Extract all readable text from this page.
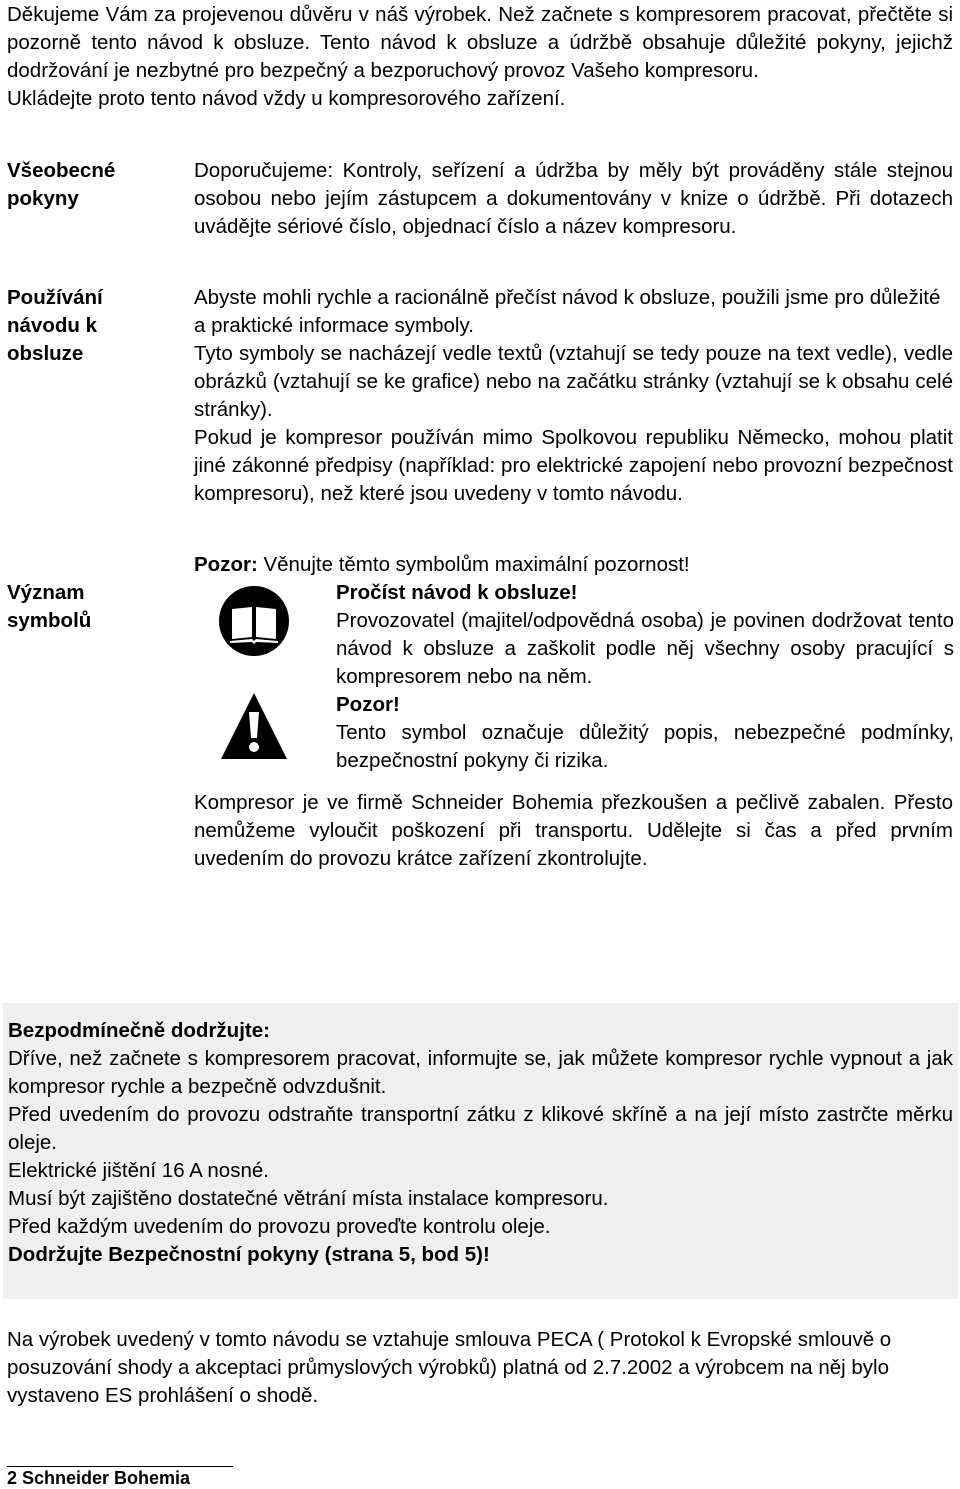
Děkujeme Vám za projevenou důvěru v náš výrobek. Než začnete s kompresorem pracovat, přečtěte si pozorně tento návod k obsluze. Tento návod k obsluze a údržbě obsahuje důležité pokyny, jejichž dodržování je nezbytné pro bezpečný a bezporuchový provoz Vašeho kompresoru.

Ukládejte proto tento návod vždy u kompresorového zařízení.

Všeobecné
pokyny

Doporučujeme: Kontroly, seřízení a údržba by měly být prováděny stále stejnou osobou nebo jejím zástupcem a dokumentovány v knize o údržbě. Při dotazech uvádějte sériové číslo, objednací číslo a název kompresoru.

Používání
návodu k
obsluze

Abyste mohli rychle a racionálně přečíst návod k obsluze, použili jsme pro důležité a praktické informace symboly.

Tyto symboly se nacházejí vedle textů (vztahují se tedy pouze na text vedle), vedle obrázků (vztahují se ke grafice) nebo na začátku stránky (vztahují se k obsahu celé stránky).

Pokud je kompresor používán mimo Spolkovou republiku Německo, mohou platit jiné zákonné předpisy (například: pro elektrické zapojení nebo provozní bezpečnost kompresoru), než které jsou uvedeny v tomto návodu.

Pozor: Věnujte těmto symbolům maximální pozornost!

Význam
symbolů

Pročíst návod k obsluze!

Provozovatel (majitel/odpovědná osoba) je povinen dodržovat tento návod k obsluze a zaškolit podle něj všechny osoby pracující s kompresorem nebo na něm.

Pozor!

Tento symbol označuje důležitý popis, nebezpečné podmínky, bezpečnostní pokyny či rizika.

Kompresor je ve firmě Schneider Bohemia přezkoušen a pečlivě zabalen. Přesto nemůžeme vyloučit poškození při transportu. Udělejte si čas a před prvním uvedením do provozu krátce zařízení zkontrolujte.

Bezpodmínečně dodržujte:

Dříve, než začnete s kompresorem pracovat, informujte se, jak můžete kompresor rychle vypnout a jak kompresor rychle a bezpečně odvzdušnit.

Před uvedením do provozu odstraňte transportní zátku z klikové skříně a na její místo zastrčte měrku oleje.

Elektrické jištění 16 A nosné.

Musí být zajištěno dostatečné větrání místa instalace kompresoru.

Před každým uvedením do provozu proveďte kontrolu oleje.

Dodržujte Bezpečnostní pokyny (strana 5, bod 5)!

Na výrobek uvedený v tomto návodu se vztahuje smlouva PECA ( Protokol k Evropské smlouvě o posuzování shody a akceptaci průmyslových výrobků) platná od 2.7.2002 a výrobcem na něj bylo vystaveno ES prohlášení o shodě.

2 Schneider Bohemia
